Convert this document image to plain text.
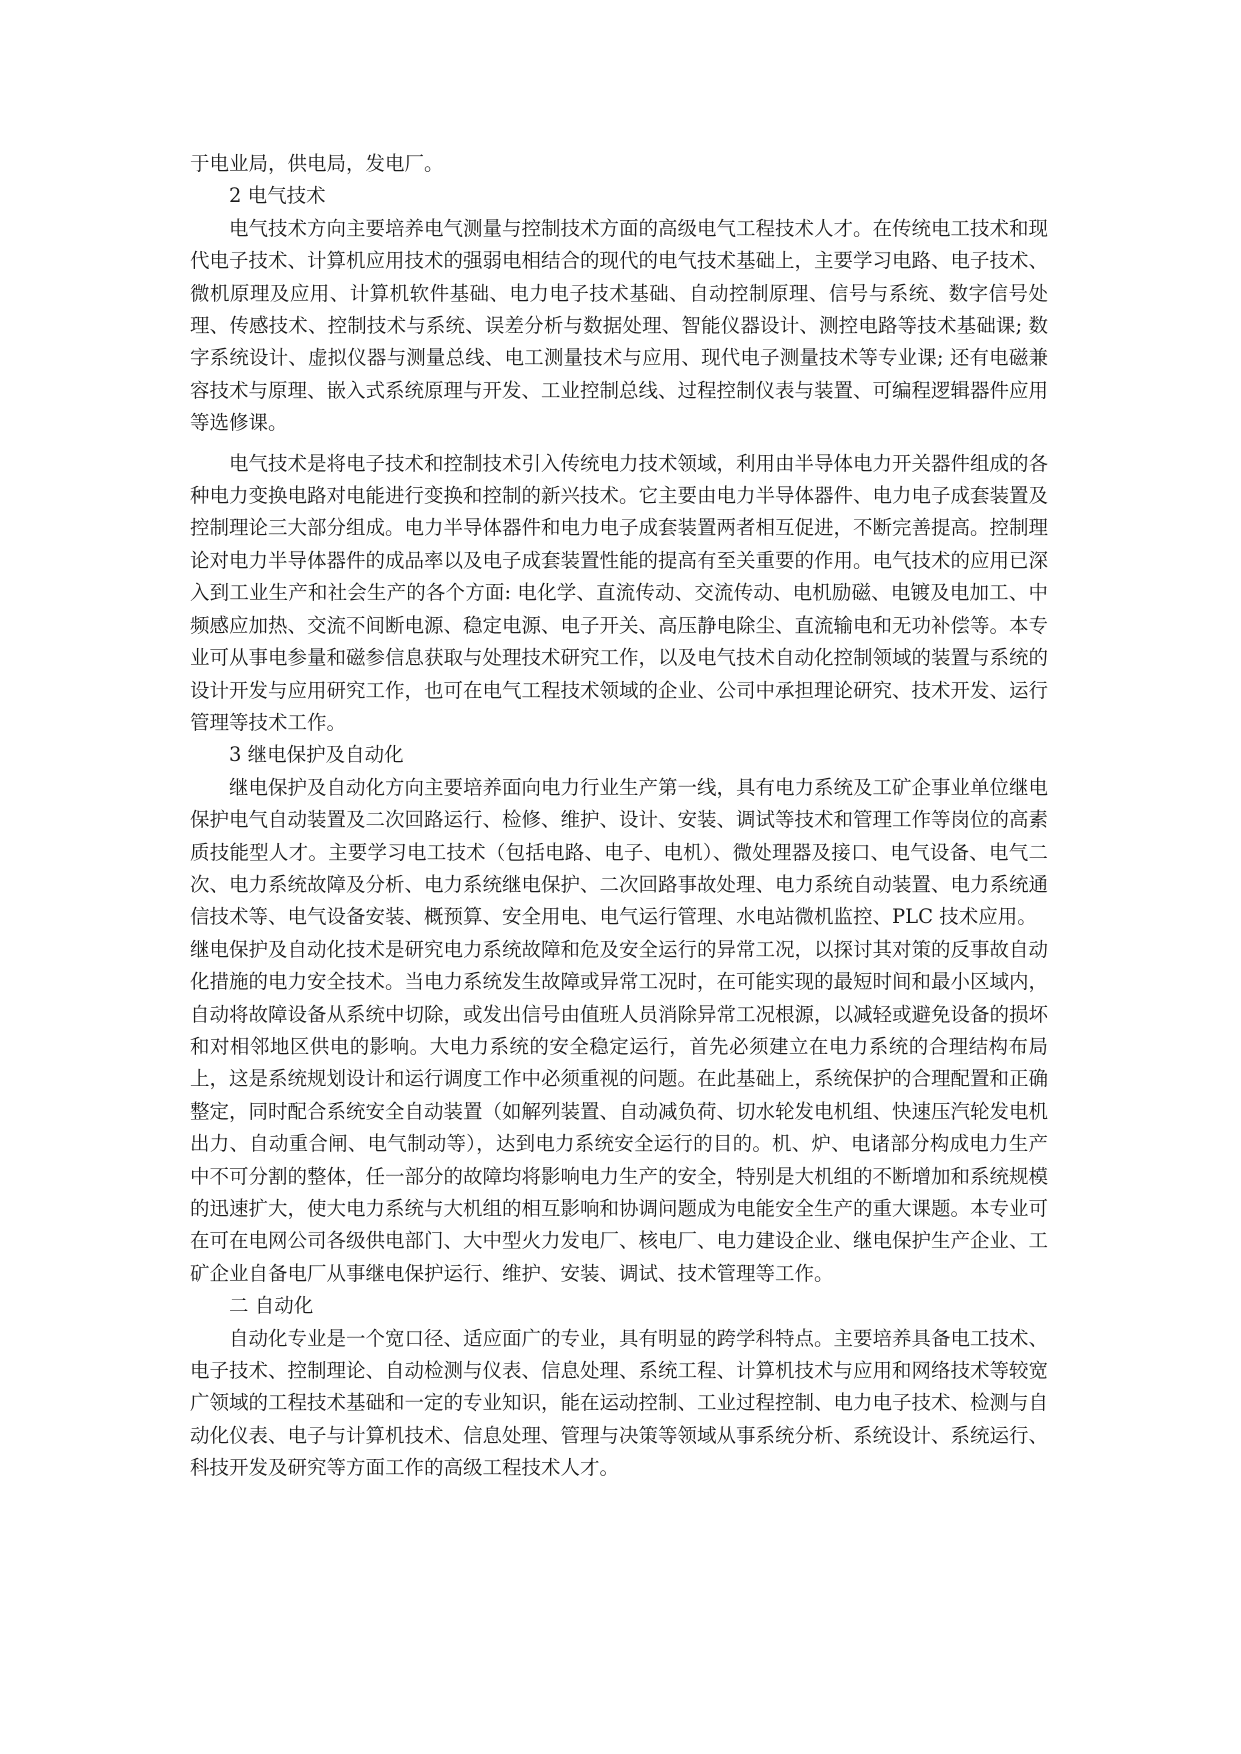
于电业局，供电局，发电厂。

2 电气技术

电气技术方向主要培养电气测量与控制技术方面的高级电气工程技术人才。在传统电工技术和现代电子技术、计算机应用技术的强弱电相结合的现代的电气技术基础上，主要学习电路、电子技术、微机原理及应用、计算机软件基础、电力电子技术基础、自动控制原理、信号与系统、数字信号处理、传感技术、控制技术与系统、误差分析与数据处理、智能仪器设计、测控电路等技术基础课; 数字系统设计、虚拟仪器与测量总线、电工测量技术与应用、现代电子测量技术等专业课; 还有电磁兼容技术与原理、嵌入式系统原理与开发、工业控制总线、过程控制仪表与装置、可编程逻辑器件应用等选修课。

电气技术是将电子技术和控制技术引入传统电力技术领域，利用由半导体电力开关器件组成的各种电力变换电路对电能进行变换和控制的新兴技术。它主要由电力半导体器件、电力电子成套装置及控制理论三大部分组成。电力半导体器件和电力电子成套装置两者相互促进，不断完善提高。控制理论对电力半导体器件的成品率以及电子成套装置性能的提高有至关重要的作用。电气技术的应用已深入到工业生产和社会生产的各个方面: 电化学、直流传动、交流传动、电机励磁、电镀及电加工、中频感应加热、交流不间断电源、稳定电源、电子开关、高压静电除尘、直流输电和无功补偿等。本专业可从事电参量和磁参信息获取与处理技术研究工作，以及电气技术自动化控制领域的装置与系统的设计开发与应用研究工作，也可在电气工程技术领域的企业、公司中承担理论研究、技术开发、运行管理等技术工作。

3 继电保护及自动化

继电保护及自动化方向主要培养面向电力行业生产第一线，具有电力系统及工矿企事业单位继电保护电气自动装置及二次回路运行、检修、维护、设计、安装、调试等技术和管理工作等岗位的高素质技能型人才。主要学习电工技术（包括电路、电子、电机）、微处理器及接口、电气设备、电气二次、电力系统故障及分析、电力系统继电保护、二次回路事故处理、电力系统自动装置、电力系统通信技术等、电气设备安装、概预算、安全用电、电气运行管理、水电站微机监控、PLC 技术应用。

继电保护及自动化技术是研究电力系统故障和危及安全运行的异常工况，以探讨其对策的反事故自动化措施的电力安全技术。当电力系统发生故障或异常工况时，在可能实现的最短时间和最小区域内，自动将故障设备从系统中切除，或发出信号由值班人员消除异常工况根源，以减轻或避免设备的损坏和对相邻地区供电的影响。大电力系统的安全稳定运行，首先必须建立在电力系统的合理结构布局上，这是系统规划设计和运行调度工作中必须重视的问题。在此基础上，系统保护的合理配置和正确整定，同时配合系统安全自动装置（如解列装置、自动减负荷、切水轮发电机组、快速压汽轮发电机出力、自动重合闸、电气制动等），达到电力系统安全运行的目的。机、炉、电诸部分构成电力生产中不可分割的整体，任一部分的故障均将影响电力生产的安全，特别是大机组的不断增加和系统规模的迅速扩大，使大电力系统与大机组的相互影响和协调问题成为电能安全生产的重大课题。本专业可在可在电网公司各级供电部门、大中型火力发电厂、核电厂、电力建设企业、继电保护生产企业、工矿企业自备电厂从事继电保护运行、维护、安装、调试、技术管理等工作。

二 自动化

自动化专业是一个宽口径、适应面广的专业，具有明显的跨学科特点。主要培养具备电工技术、电子技术、控制理论、自动检测与仪表、信息处理、系统工程、计算机技术与应用和网络技术等较宽广领域的工程技术基础和一定的专业知识，能在运动控制、工业过程控制、电力电子技术、检测与自动化仪表、电子与计算机技术、信息处理、管理与决策等领域从事系统分析、系统设计、系统运行、科技开发及研究等方面工作的高级工程技术人才。
